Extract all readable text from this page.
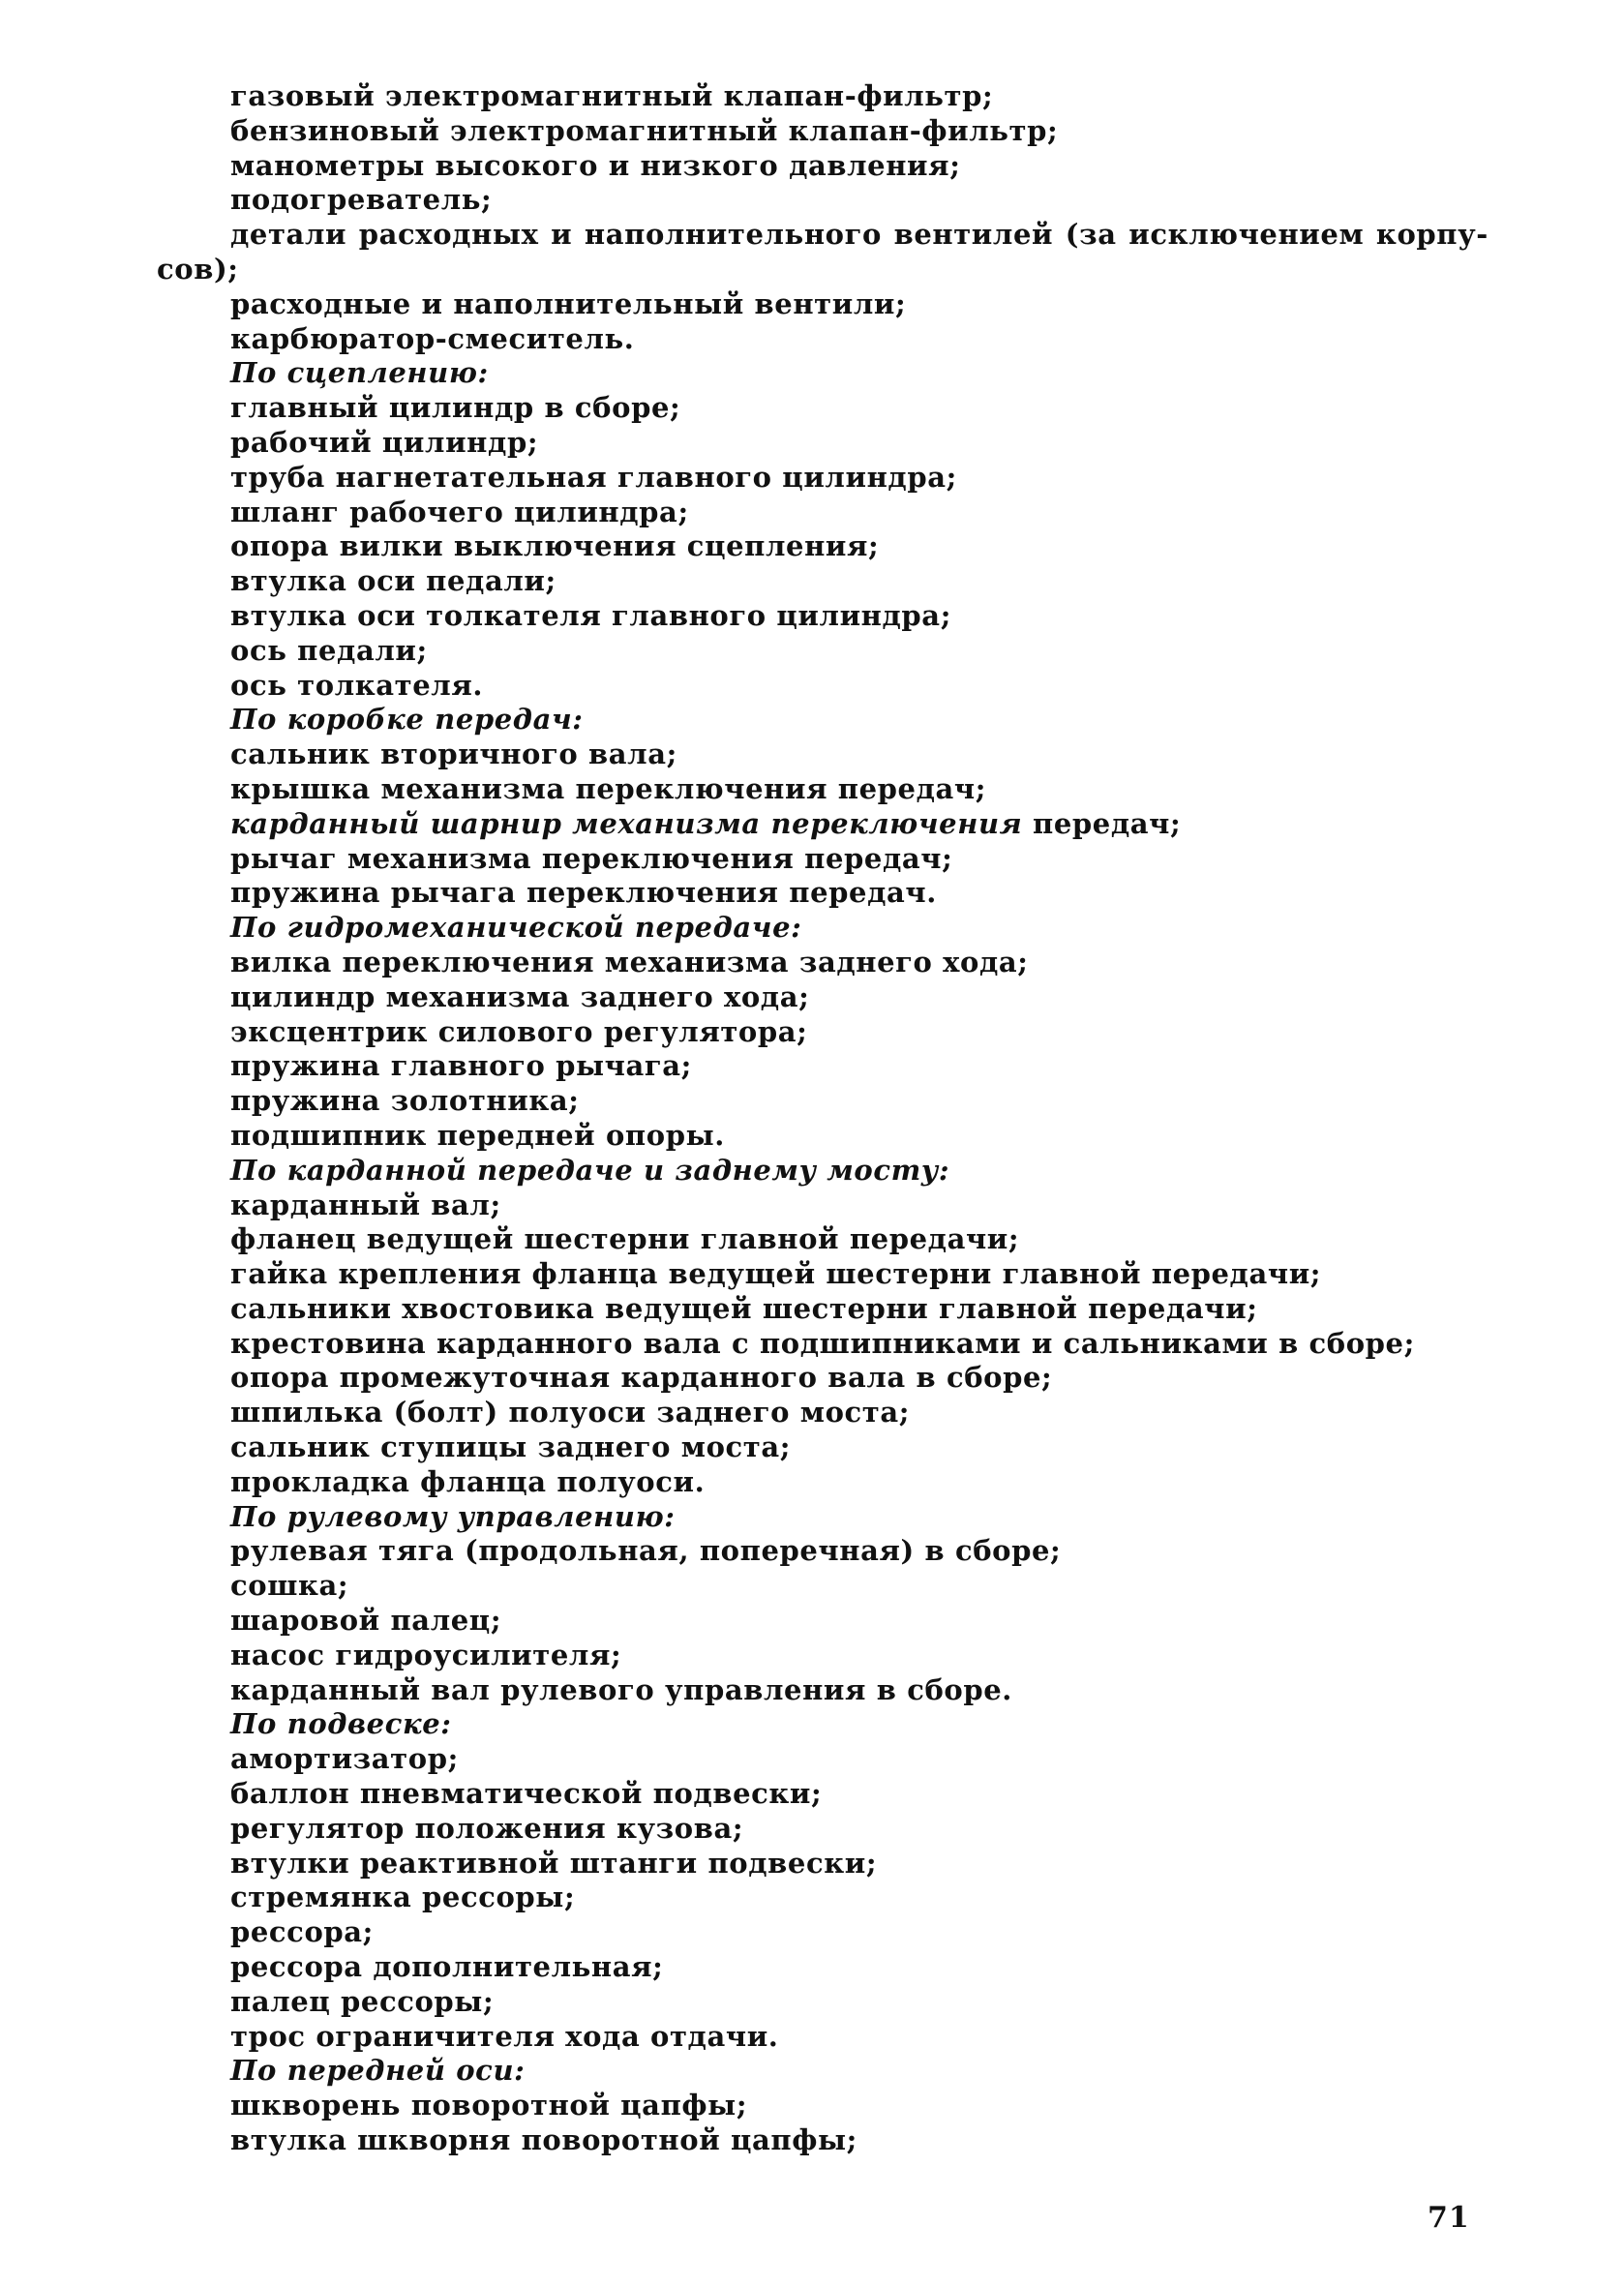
газовый электромагнитный клапан-фильтр;
бензиновый электромагнитный клапан-фильтр;
манометры высокого и низкого давления;
подогреватель;
детали расходных и наполнительного вентилей (за исключением корпу-
сов);
расходные и наполнительный вентили;
карбюратор-смеситель.
По сцеплению:
главный цилиндр в сборе;
рабочий цилиндр;
труба нагнетательная главного цилиндра;
шланг рабочего цилиндра;
опора вилки выключения сцепления;
втулка оси педали;
втулка оси толкателя главного цилиндра;
ось педали;
ось толкателя.
По коробке передач:
сальник вторичного вала;
крышка механизма переключения передач;
карданный шарнир механизма переключения передач;
рычаг механизма переключения передач;
пружина рычага переключения передач.
По гидромеханической передаче:
вилка переключения механизма заднего хода;
цилиндр механизма заднего хода;
эксцентрик силового регулятора;
пружина главного рычага;
пружина золотника;
подшипник передней опоры.
По карданной передаче и заднему мосту:
карданный вал;
фланец ведущей шестерни главной передачи;
гайка крепления фланца ведущей шестерни главной передачи;
сальники хвостовика ведущей шестерни главной передачи;
крестовина карданного вала с подшипниками и сальниками в сборе;
опора промежуточная карданного вала в сборе;
шпилька (болт) полуоси заднего моста;
сальник ступицы заднего моста;
прокладка фланца полуоси.
По рулевому управлению:
рулевая тяга (продольная, поперечная) в сборе;
сошка;
шаровой палец;
насос гидроусилителя;
карданный вал рулевого управления в сборе.
По подвеске:
амортизатор;
баллон пневматической подвески;
регулятор положения кузова;
втулки реактивной штанги подвески;
стремянка рессоры;
рессора;
рессора дополнительная;
палец рессоры;
трос ограничителя хода отдачи.
По передней оси:
шкворень поворотной цапфы;
втулка шкворня поворотной цапфы;
71
